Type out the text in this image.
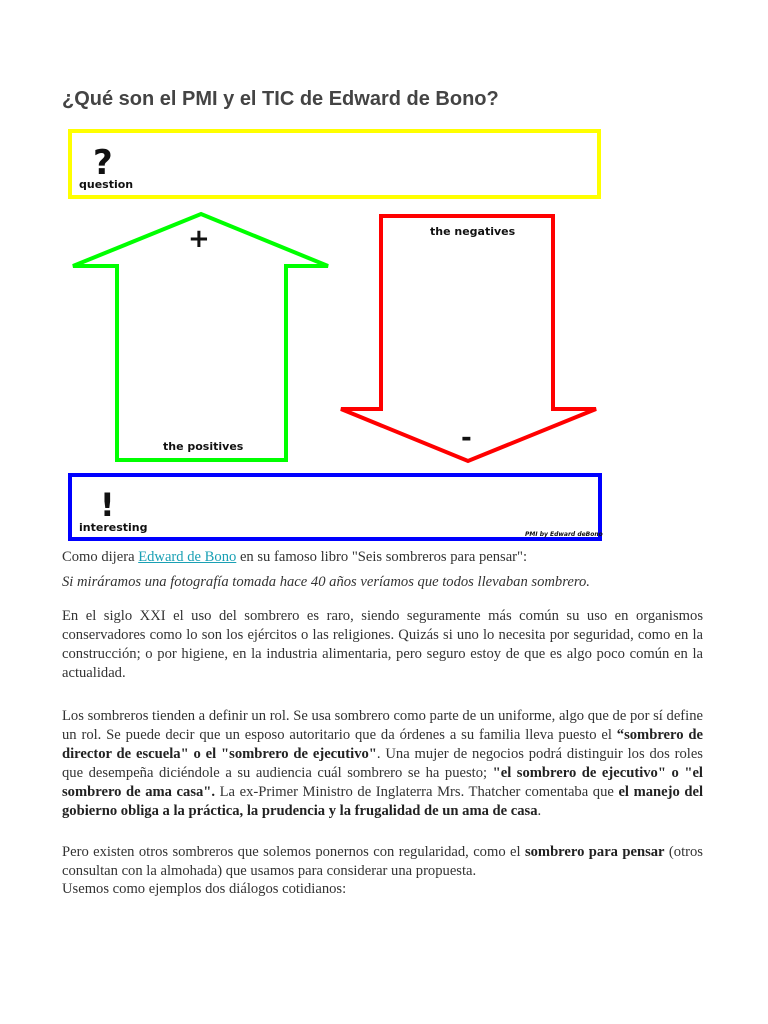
¿Qué son el PMI y el TIC de Edward de Bono?
?
question
+
the positives
the negatives
-
!
interesting
PMI by Edward deBono

Como dijera Edward de Bono en su famoso libro "Seis sombreros para pensar":

Si miráramos una fotografía tomada hace 40 años veríamos que todos llevaban sombrero.

En el siglo XXI el uso del sombrero es raro, siendo seguramente más común su uso en organismos conservadores como lo son los ejércitos o las religiones. Quizás si uno lo necesita por seguridad, como en la construcción; o por higiene, en la industria alimentaria, pero seguro estoy de que es algo poco común en la actualidad.

Los sombreros tienden a definir un rol. Se usa sombrero como parte de un uniforme, algo que de por sí define un rol. Se puede decir que un esposo autoritario que da órdenes a su familia lleva puesto el “sombrero de director de escuela" o el "sombrero de ejecutivo". Una mujer de negocios podrá distinguir los dos roles que desempeña diciéndole a su audiencia cuál sombrero se ha puesto; "el sombrero de ejecutivo" o "el sombrero de ama casa". La ex-Primer Ministro de Inglaterra Mrs. Thatcher comentaba que el manejo del gobierno obliga a la práctica, la prudencia y la frugalidad de un ama de casa.

Pero existen otros sombreros que solemos ponernos con regularidad, como el sombrero para pensar (otros consultan con la almohada) que usamos para considerar una propuesta.

Usemos como ejemplos dos diálogos cotidianos:
